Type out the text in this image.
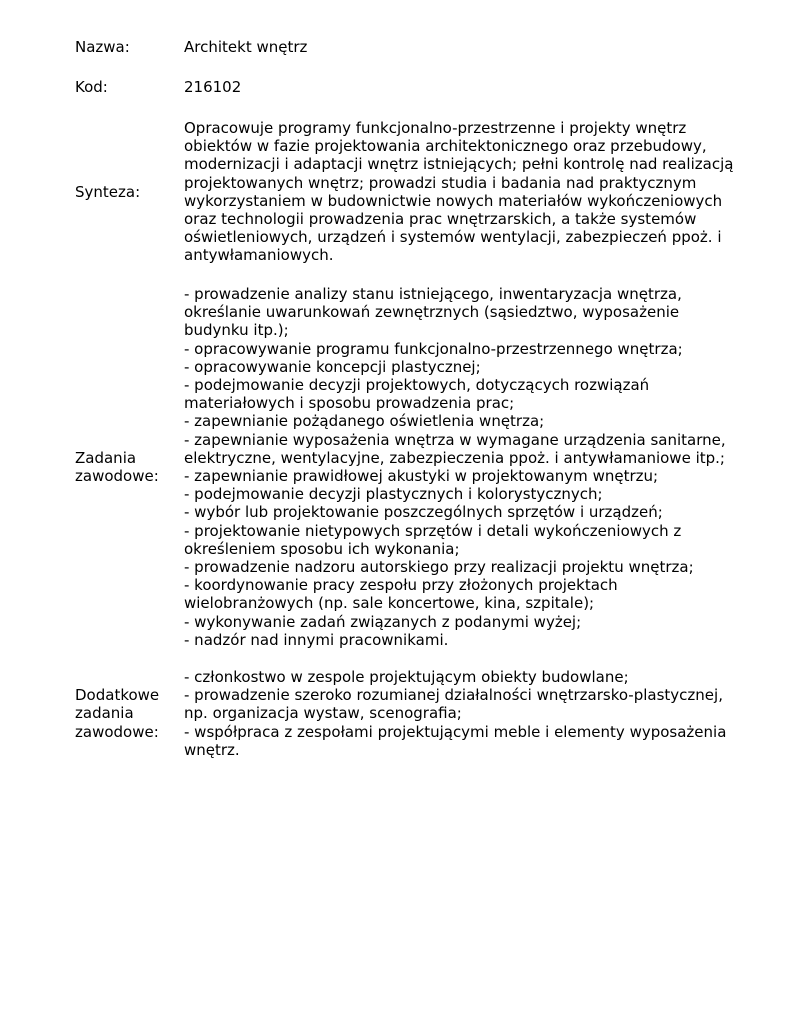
Nazwa:	Architekt wnętrz
Kod:	216102
Synteza:
Opracowuje programy funkcjonalno-przestrzenne i projekty wnętrz
obiektów w fazie projektowania architektonicznego oraz przebudowy,
modernizacji i adaptacji wnętrz istniejących; pełni kontrolę nad realizacją
projektowanych wnętrz; prowadzi studia i badania nad praktycznym
wykorzystaniem w budownictwie nowych materiałów wykończeniowych
oraz technologii prowadzenia prac wnętrzarskich, a także systemów
oświetleniowych, urządzeń i systemów wentylacji, zabezpieczeń ppoż. i
antywłamaniowych.
Zadania
zawodowe:
- prowadzenie analizy stanu istniejącego, inwentaryzacja wnętrza,
określanie uwarunkowań zewnętrznych (sąsiedztwo, wyposażenie
budynku itp.);
- opracowywanie programu funkcjonalno-przestrzennego wnętrza;
- opracowywanie koncepcji plastycznej;
- podejmowanie decyzji projektowych, dotyczących rozwiązań
materiałowych i sposobu prowadzenia prac;
- zapewnianie pożądanego oświetlenia wnętrza;
- zapewnianie wyposażenia wnętrza w wymagane urządzenia sanitarne,
elektryczne, wentylacyjne, zabezpieczenia ppoż. i antywłamaniowe itp.;
- zapewnianie prawidłowej akustyki w projektowanym wnętrzu;
- podejmowanie decyzji plastycznych i kolorystycznych;
- wybór lub projektowanie poszczególnych sprzętów i urządzeń;
- projektowanie nietypowych sprzętów i detali wykończeniowych z
określeniem sposobu ich wykonania;
- prowadzenie nadzoru autorskiego przy realizacji projektu wnętrza;
- koordynowanie pracy zespołu przy złożonych projektach
wielobranżowych (np. sale koncertowe, kina, szpitale);
- wykonywanie zadań związanych z podanymi wyżej;
- nadzór nad innymi pracownikami.
Dodatkowe
zadania
zawodowe:
- członkostwo w zespole projektującym obiekty budowlane;
- prowadzenie szeroko rozumianej działalności wnętrzarsko-plastycznej,
np. organizacja wystaw, scenografia;
- współpraca z zespołami projektującymi meble i elementy wyposażenia
wnętrz.
